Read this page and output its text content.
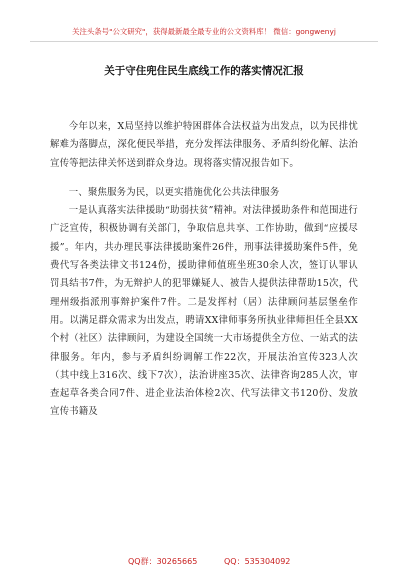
关注头条号"公文研究"，获得最新最全最专业的公文资料库！ 微信：gongwenyj
关于守住兜住民生底线工作的落实情况汇报

今年以来，X局坚持以维护特困群体合法权益为出发点，以为民排忧解难为落脚点，深化便民举措，充分发挥法律服务、矛盾纠纷化解、法治宣传等把法律关怀送到群众身边。现将落实情况报告如下。

一、聚焦服务为民，以更实措施优化公共法律服务

一是认真落实法律援助“助弱扶贫”精神。对法律援助条件和范围进行广泛宣传，积极协调有关部门，争取信息共享、工作协助，做到“应援尽援”。年内，共办理民事法律援助案件26件，刑事法律援助案件5件，免费代写各类法律文书124份，援助律师值班坐班30余人次，签订认罪认罚具结书7件，为无辩护人的犯罪嫌疑人、被告人提供法律帮助15次，代理州级指派刑事辩护案件7件。二是发挥村（居）法律顾问基层堡垒作用。以满足群众需求为出发点，聘请XX律师事务所执业律师担任全县XX个村（社区）法律顾问，为建设全国统一大市场提供全方位、一站式的法律服务。年内，参与矛盾纠纷调解工作22次，开展法治宣传323人次（其中线上316次、线下7次），法治讲座35次、法律咨询285人次，审查起草各类合同7件、进企业法治体检2次、代写法律文书120份、发放宣传书籍及

QQ群：30265665	QQ：535304092
